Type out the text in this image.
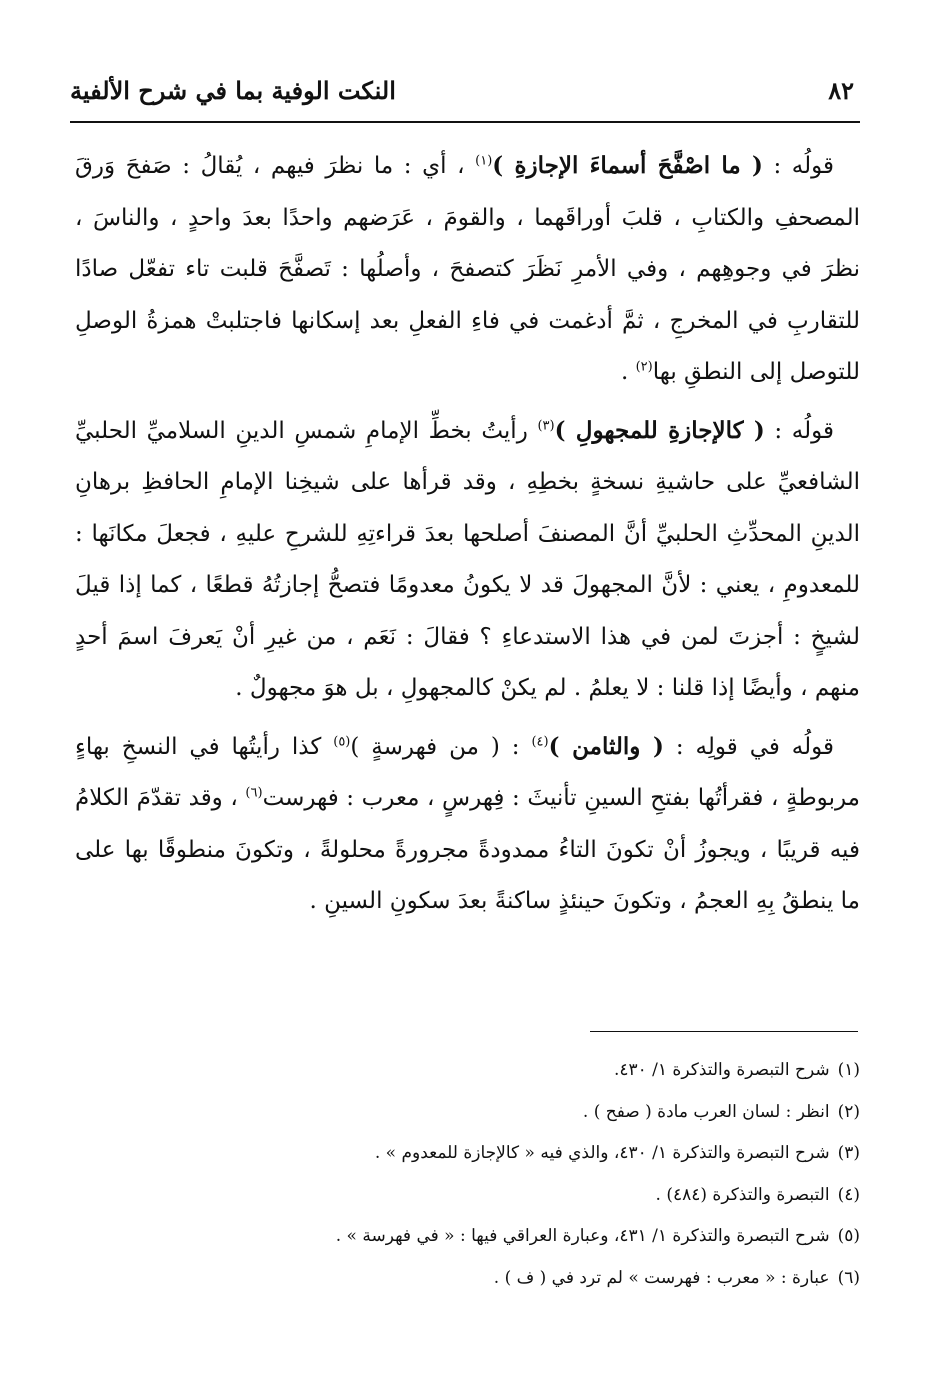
النكت الوفية بما في شرح الألفية	٨٢

قولُه : ( ما اصْفَّحَ أسماءَ الإجازةِ )$^{(١)}$ ، أي : ما نظرَ فيهم ، يُقالُ : صَفحَ وَرقَ المصحفِ والكتابِ ، قلبَ أوراقَهما ، والقومَ ، عَرَضهم واحدًا بعدَ واحدٍ ، والناسَ ، نظرَ في وجوهِهم ، وفي الأمرِ نَظَرَ كتصفحَ ، وأصلُها : تَصفَّحَ قلبت تاء تفعّل صادًا للتقاربِ في المخرجِ ، ثمَّ أدغمت في فاءِ الفعلِ بعد إسكانها فاجتلبتْ همزةُ الوصلِ للتوصل إلى النطقِ بها$^{(٢)}$ .

قولُه : ( كالإجازةِ للمجهولِ )$^{(٣)}$ رأيتُ بخطِّ الإمامِ شمسِ الدينِ السلاميِّ الحلبيِّ الشافعيِّ على حاشيةِ نسخةٍ بخطِهِ ، وقد قرأها على شيخِنا الإمامِ الحافظِ برهانِ الدينِ المحدِّثِ الحلبيِّ أنَّ المصنفَ أصلحها بعدَ قراءتِهِ للشرحِ عليهِ ، فجعلَ مكانَها : للمعدومِ ، يعني : لأنَّ المجهولَ قد لا يكونُ معدومًا فتصحُّ إجازتُهُ قطعًا ، كما إذا قيلَ لشيخٍ : أجزتَ لمن في هذا الاستدعاءِ ؟ فقالَ : نَعَم ، من غيرِ أنْ يَعرفَ اسمَ أحدٍ منهم ، وأيضًا إذا قلنا : لا يعلمُ . لم يكنْ كالمجهولِ ، بل هوَ مجهولٌ .

قولُه في قولِه : ( والثامن )$^{(٤)}$ : ( من فهرسةٍ )$^{(٥)}$ كذا رأيتُها في النسخِ بهاءٍ مربوطةٍ ، فقرأتُها بفتحِ السينِ تأنيثَ : فِهرسٍ ، معرب : فهرست$^{(٦)}$ ، وقد تقدّمَ الكلامُ فيه قريبًا ، ويجوزُ أنْ تكونَ التاءُ ممدودةً مجرورةً محلولةً ، وتكونَ منطوقًا بها على ما ينطقُ بِهِ العجمُ ، وتكونَ حينئذٍ ساكنةً بعدَ سكونِ السينِ .

(١)شرح التبصرة والتذكرة ١/ ٤٣٠.

(٢)انظر : لسان العرب مادة ( صفح ) .

(٣)شرح التبصرة والتذكرة ١/ ٤٣٠، والذي فيه « كالإجازة للمعدوم » .

(٤)التبصرة والتذكرة (٤٨٤) .

(٥)شرح التبصرة والتذكرة ١/ ٤٣١، وعبارة العراقي فيها : « في فهرسة » .

(٦)عبارة : « معرب : فهرست » لم ترد في ( ف ) .
